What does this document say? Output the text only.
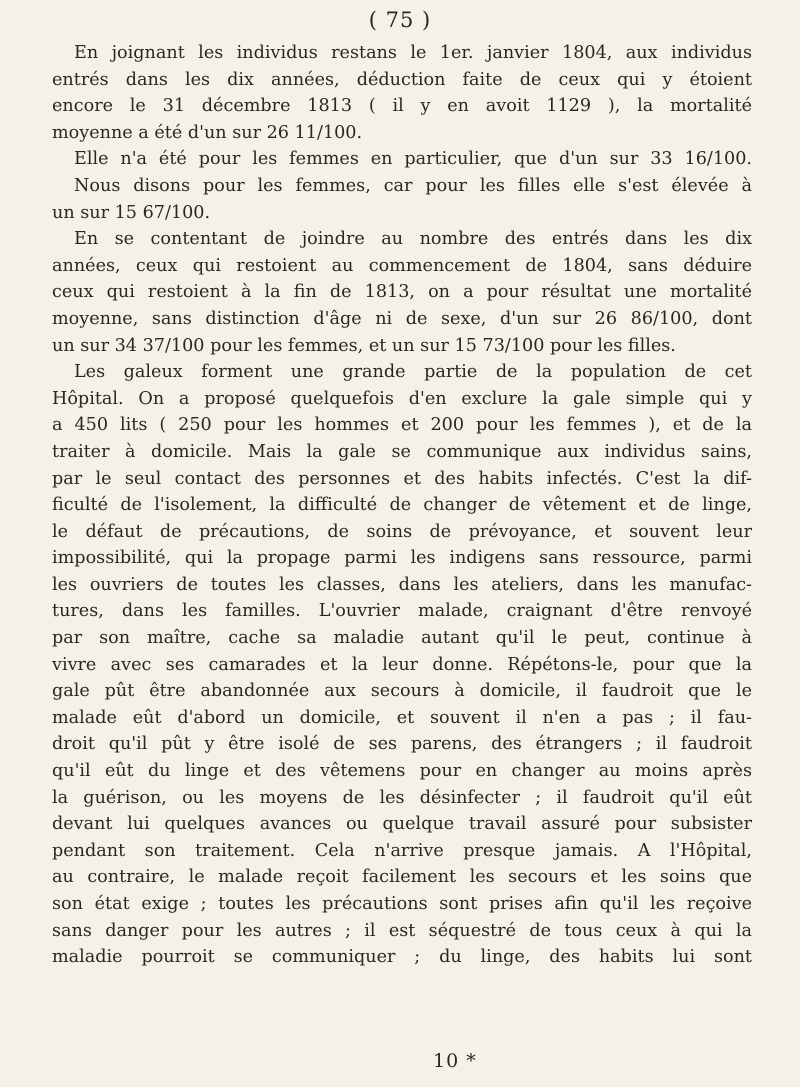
( 75 )
En joignant les individus restans le 1er. janvier 1804, aux individus
entrés dans les dix années, déduction faite de ceux qui y étoient
encore le 31 décembre 1813 ( il y en avoit 1129 ), la mortalité
moyenne a été d'un sur 26 11/100.
Elle n'a été pour les femmes en particulier, que d'un sur 33 16/100.
Nous disons pour les femmes, car pour les filles elle s'est élevée à
un sur 15 67/100.
En se contentant de joindre au nombre des entrés dans les dix
années, ceux qui restoient au commencement de 1804, sans déduire
ceux qui restoient à la fin de 1813, on a pour résultat une mortalité
moyenne, sans distinction d'âge ni de sexe, d'un sur 26 86/100, dont
un sur 34 37/100 pour les femmes, et un sur 15 73/100 pour les filles.
Les galeux forment une grande partie de la population de cet
Hôpital. On a proposé quelquefois d'en exclure la gale simple qui y
a 450 lits ( 250 pour les hommes et 200 pour les femmes ), et de la
traiter à domicile. Mais la gale se communique aux individus sains,
par le seul contact des personnes et des habits infectés. C'est la dif-
ficulté de l'isolement, la difficulté de changer de vêtement et de linge,
le défaut de précautions, de soins de prévoyance, et souvent leur
impossibilité, qui la propage parmi les indigens sans ressource, parmi
les ouvriers de toutes les classes, dans les ateliers, dans les manufac-
tures, dans les familles. L'ouvrier malade, craignant d'être renvoyé
par son maître, cache sa maladie autant qu'il le peut, continue à
vivre avec ses camarades et la leur donne. Répétons-le, pour que la
gale pût être abandonnée aux secours à domicile, il faudroit que le
malade eût d'abord un domicile, et souvent il n'en a pas ; il fau-
droit qu'il pût y être isolé de ses parens, des étrangers ; il faudroit
qu'il eût du linge et des vêtemens pour en changer au moins après
la guérison, ou les moyens de les désinfecter ; il faudroit qu'il eût
devant lui quelques avances ou quelque travail assuré pour subsister
pendant son traitement. Cela n'arrive presque jamais. A l'Hôpital,
au contraire, le malade reçoit facilement les secours et les soins que
son état exige ; toutes les précautions sont prises afin qu'il les reçoive
sans danger pour les autres ; il est séquestré de tous ceux à qui la
maladie pourroit se communiquer ; du linge, des habits lui sont
10 *
